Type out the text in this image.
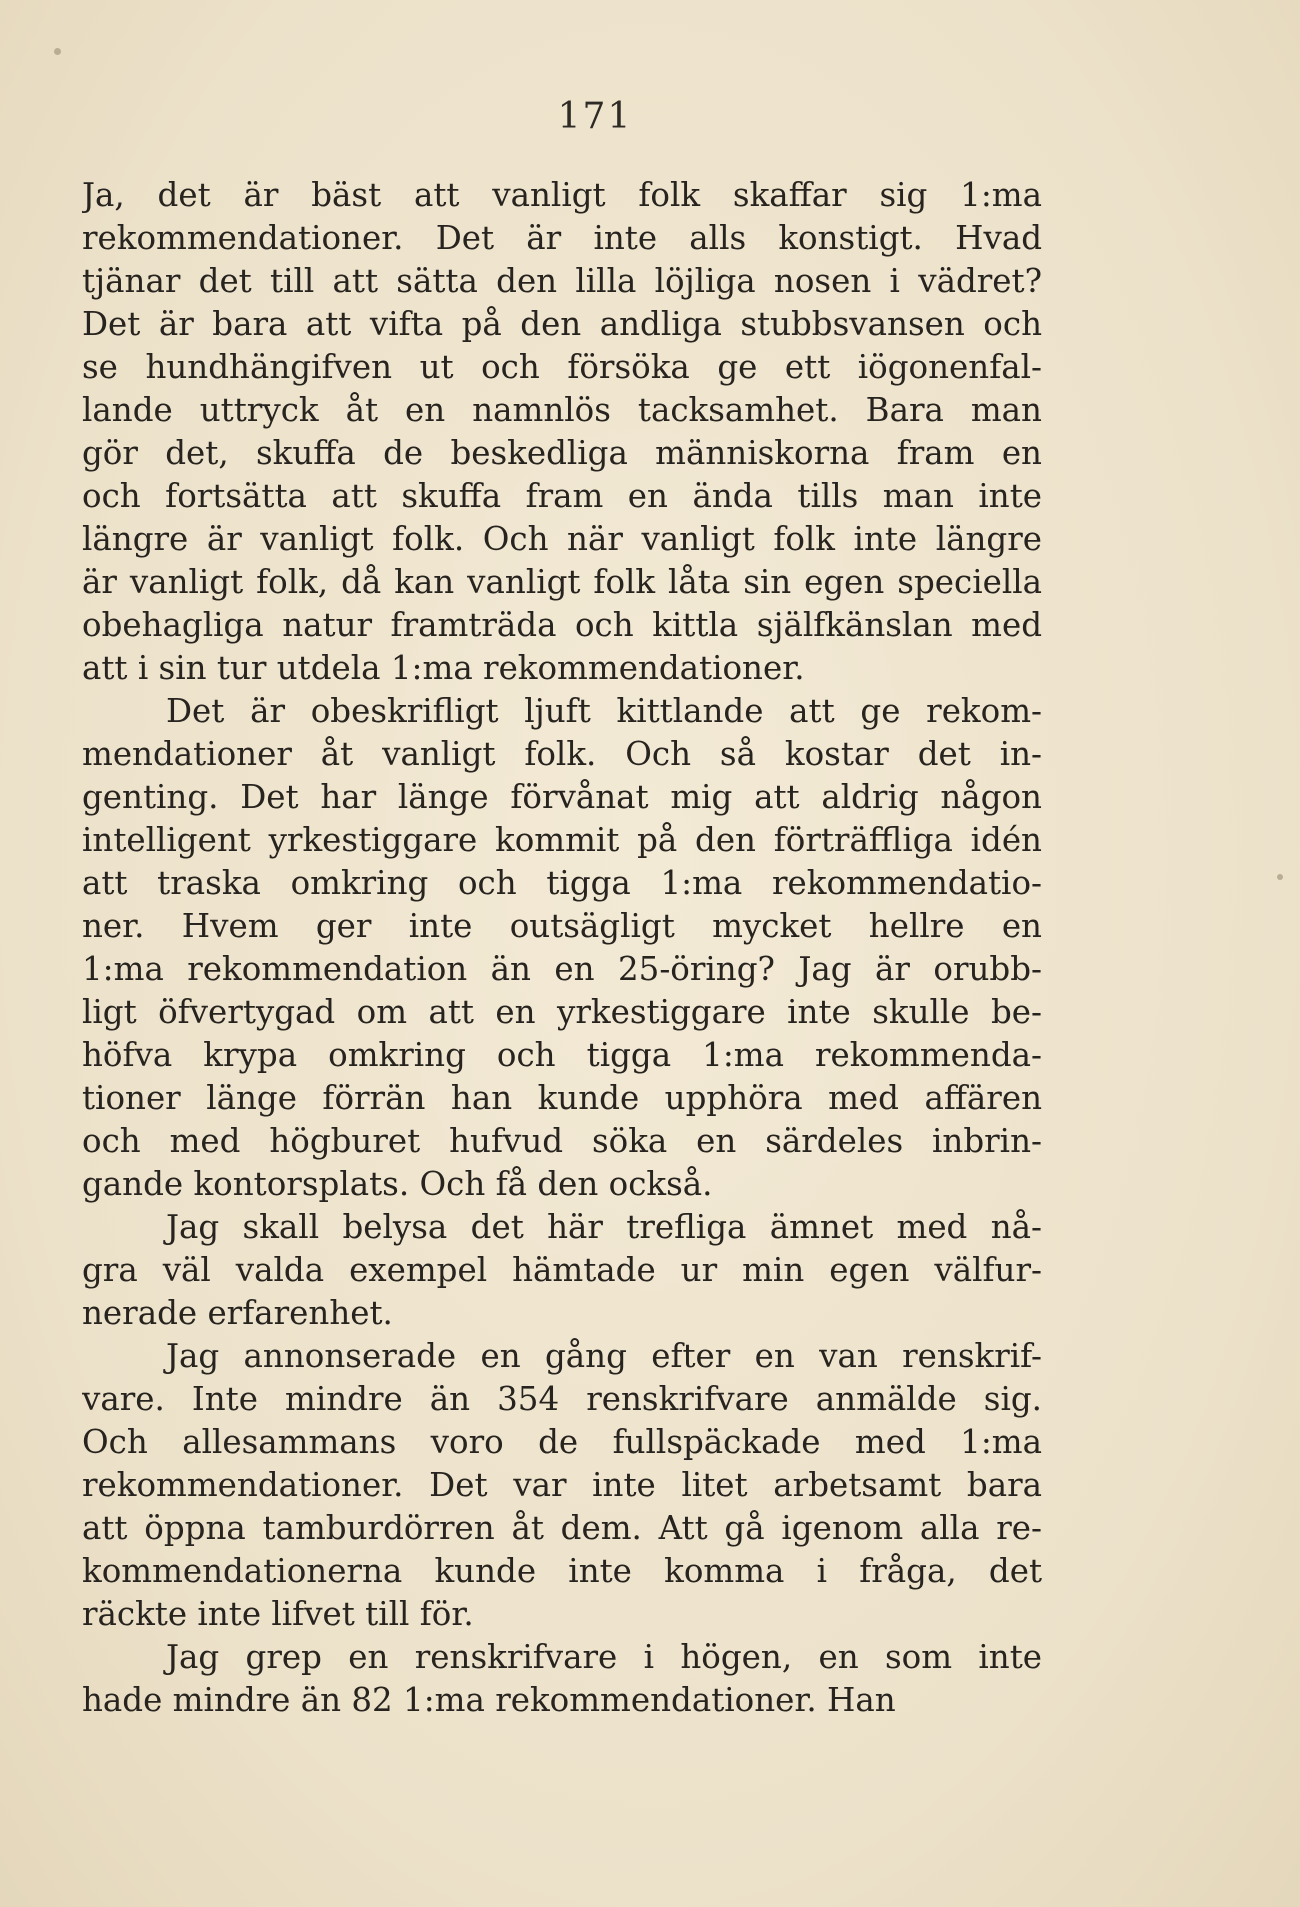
171
Ja, det är bäst att vanligt folk skaffar sig 1:ma
rekommendationer. Det är inte alls konstigt. Hvad
tjänar det till att sätta den lilla löjliga nosen i vädret?
Det är bara att vifta på den andliga stubbsvansen och
se hundhängifven ut och försöka ge ett iögonenfal-
lande uttryck åt en namnlös tacksamhet. Bara man
gör det, skuffa de beskedliga människorna fram en
och fortsätta att skuffa fram en ända tills man inte
längre är vanligt folk. Och när vanligt folk inte längre
är vanligt folk, då kan vanligt folk låta sin egen speciella
obehagliga natur framträda och kittla själfkänslan med
att i sin tur utdela 1:ma rekommendationer.
Det är obeskrifligt ljuft kittlande att ge rekom-
mendationer åt vanligt folk. Och så kostar det in-
genting. Det har länge förvånat mig att aldrig någon
intelligent yrkestiggare kommit på den förträffliga idén
att traska omkring och tigga 1:ma rekommendatio-
ner. Hvem ger inte outsägligt mycket hellre en
1:ma rekommendation än en 25-öring? Jag är orubb-
ligt öfvertygad om att en yrkestiggare inte skulle be-
höfva krypa omkring och tigga 1:ma rekommenda-
tioner länge förrän han kunde upphöra med affären
och med högburet hufvud söka en särdeles inbrin-
gande kontorsplats. Och få den också.
Jag skall belysa det här trefliga ämnet med nå-
gra väl valda exempel hämtade ur min egen välfur-
nerade erfarenhet.
Jag annonserade en gång efter en van renskrif-
vare. Inte mindre än 354 renskrifvare anmälde sig.
Och allesammans voro de fullspäckade med 1:ma
rekommendationer. Det var inte litet arbetsamt bara
att öppna tamburdörren åt dem. Att gå igenom alla re-
kommendationerna kunde inte komma i fråga, det
räckte inte lifvet till för.
Jag grep en renskrifvare i högen, en som inte
hade mindre än 82 1:ma rekommendationer. Han
